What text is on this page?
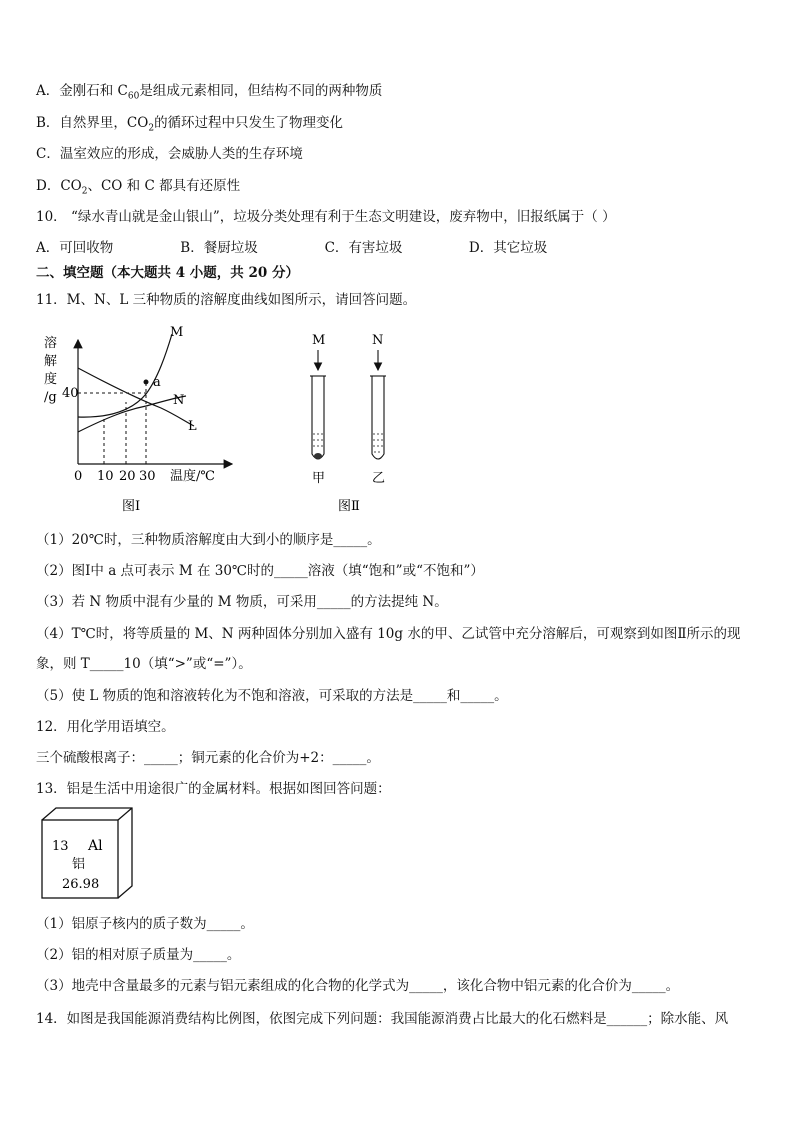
A．金刚石和 $C_{60}$是组成元素相同，但结构不同的两种物质
B．自然界里，$CO_2$的循环过程中只发生了物理变化
C．温室效应的形成，会威胁人类的生存环境
D．$CO_2$、CO 和 C 都具有还原性
10． “绿水青山就是金山银山”，垃圾分类处理有利于生态文明建设，废弃物中，旧报纸属于（ ）
A．可回收物	B．餐厨垃圾	C．有害垃圾	D．其它垃圾
二、填空题（本大题共 4 小题，共 20 分）
11．M、N、L 三种物质的溶解度曲线如图所示，请回答问题。
溶
解
度
/g 40
a
M
N
L
0 10 20 30 温度/℃
图Ⅰ
M	N
甲	乙
图Ⅱ
（1）20℃时，三种物质溶解度由大到小的顺序是_____。
（2）图Ⅰ中 a 点可表示 M 在 30℃时的_____溶液（填“饱和”或“不饱和”）
（3）若 N 物质中混有少量的 M 物质，可采用_____的方法提纯 N。
（4）T℃时，将等质量的 M、N 两种固体分别加入盛有 10g 水的甲、乙试管中充分溶解后，可观察到如图Ⅱ所示的现
象，则 T_____10（填“>”或“=”）。
（5）使 L 物质的饱和溶液转化为不饱和溶液，可采取的方法是_____和_____。
12．用化学用语填空。
三个硫酸根离子：_____；铜元素的化合价为+2：_____。
13．铝是生活中用途很广的金属材料。根据如图回答问题：
13 Al
铝
26.98
（1）铝原子核内的质子数为_____。
（2）铝的相对原子质量为_____。
（3）地壳中含量最多的元素与铝元素组成的化合物的化学式为_____，该化合物中铝元素的化合价为_____。
14．如图是我国能源消费结构比例图，依图完成下列问题：我国能源消费占比最大的化石燃料是______；除水能、风
